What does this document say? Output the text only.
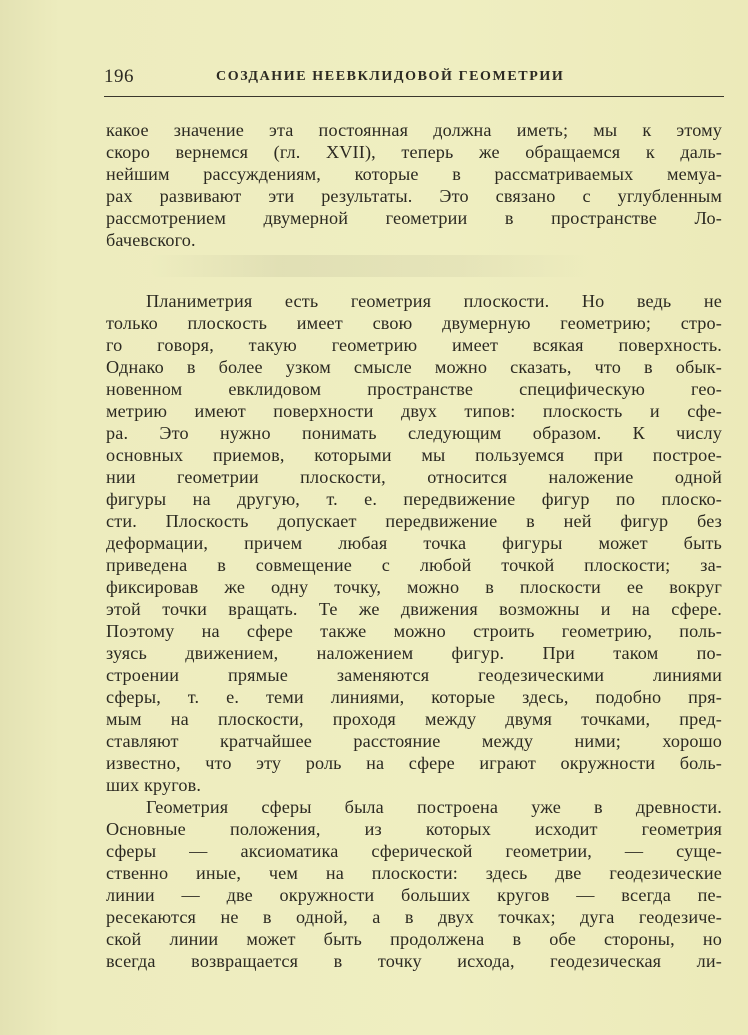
196	СОЗДАНИЕ НЕЕВКЛИДОВОЙ ГЕОМЕТРИИ
какое значение эта постоянная должна иметь; мы к этому
скоро вернемся (гл. XVII), теперь же обращаемся к даль-
нейшим рассуждениям, которые в рассматриваемых мемуа-
рах развивают эти результаты. Это связано с углубленным
рассмотрением двумерной геометрии в пространстве Ло-
бачевского.
Планиметрия есть геометрия плоскости. Но ведь не
только плоскость имеет свою двумерную геометрию; стро-
го говоря, такую геометрию имеет всякая поверхность.
Однако в более узком смысле можно сказать, что в обык-
новенном евклидовом пространстве специфическую гео-
метрию имеют поверхности двух типов: плоскость и сфе-
ра. Это нужно понимать следующим образом. К числу
основных приемов, которыми мы пользуемся при построе-
нии геометрии плоскости, относится наложение одной
фигуры на другую, т. е. передвижение фигур по плоско-
сти. Плоскость допускает передвижение в ней фигур без
деформации, причем любая точка фигуры может быть
приведена в совмещение с любой точкой плоскости; за-
фиксировав же одну точку, можно в плоскости ее вокруг
этой точки вращать. Те же движения возможны и на сфере.
Поэтому на сфере также можно строить геометрию, поль-
зуясь движением, наложением фигур. При таком по-
строении прямые заменяются геодезическими линиями
сферы, т. е. теми линиями, которые здесь, подобно пря-
мым на плоскости, проходя между двумя точками, пред-
ставляют кратчайшее расстояние между ними; хорошо
известно, что эту роль на сфере играют окружности боль-
ших кругов.
Геометрия сферы была построена уже в древности.
Основные положения, из которых исходит геометрия
сферы — аксиоматика сферической геометрии, — суще-
ственно иные, чем на плоскости: здесь две геодезические
линии — две окружности больших кругов — всегда пе-
ресекаются не в одной, а в двух точках; дуга геодезиче-
ской линии может быть продолжена в обе стороны, но
всегда возвращается в точку исхода, геодезическая ли-
